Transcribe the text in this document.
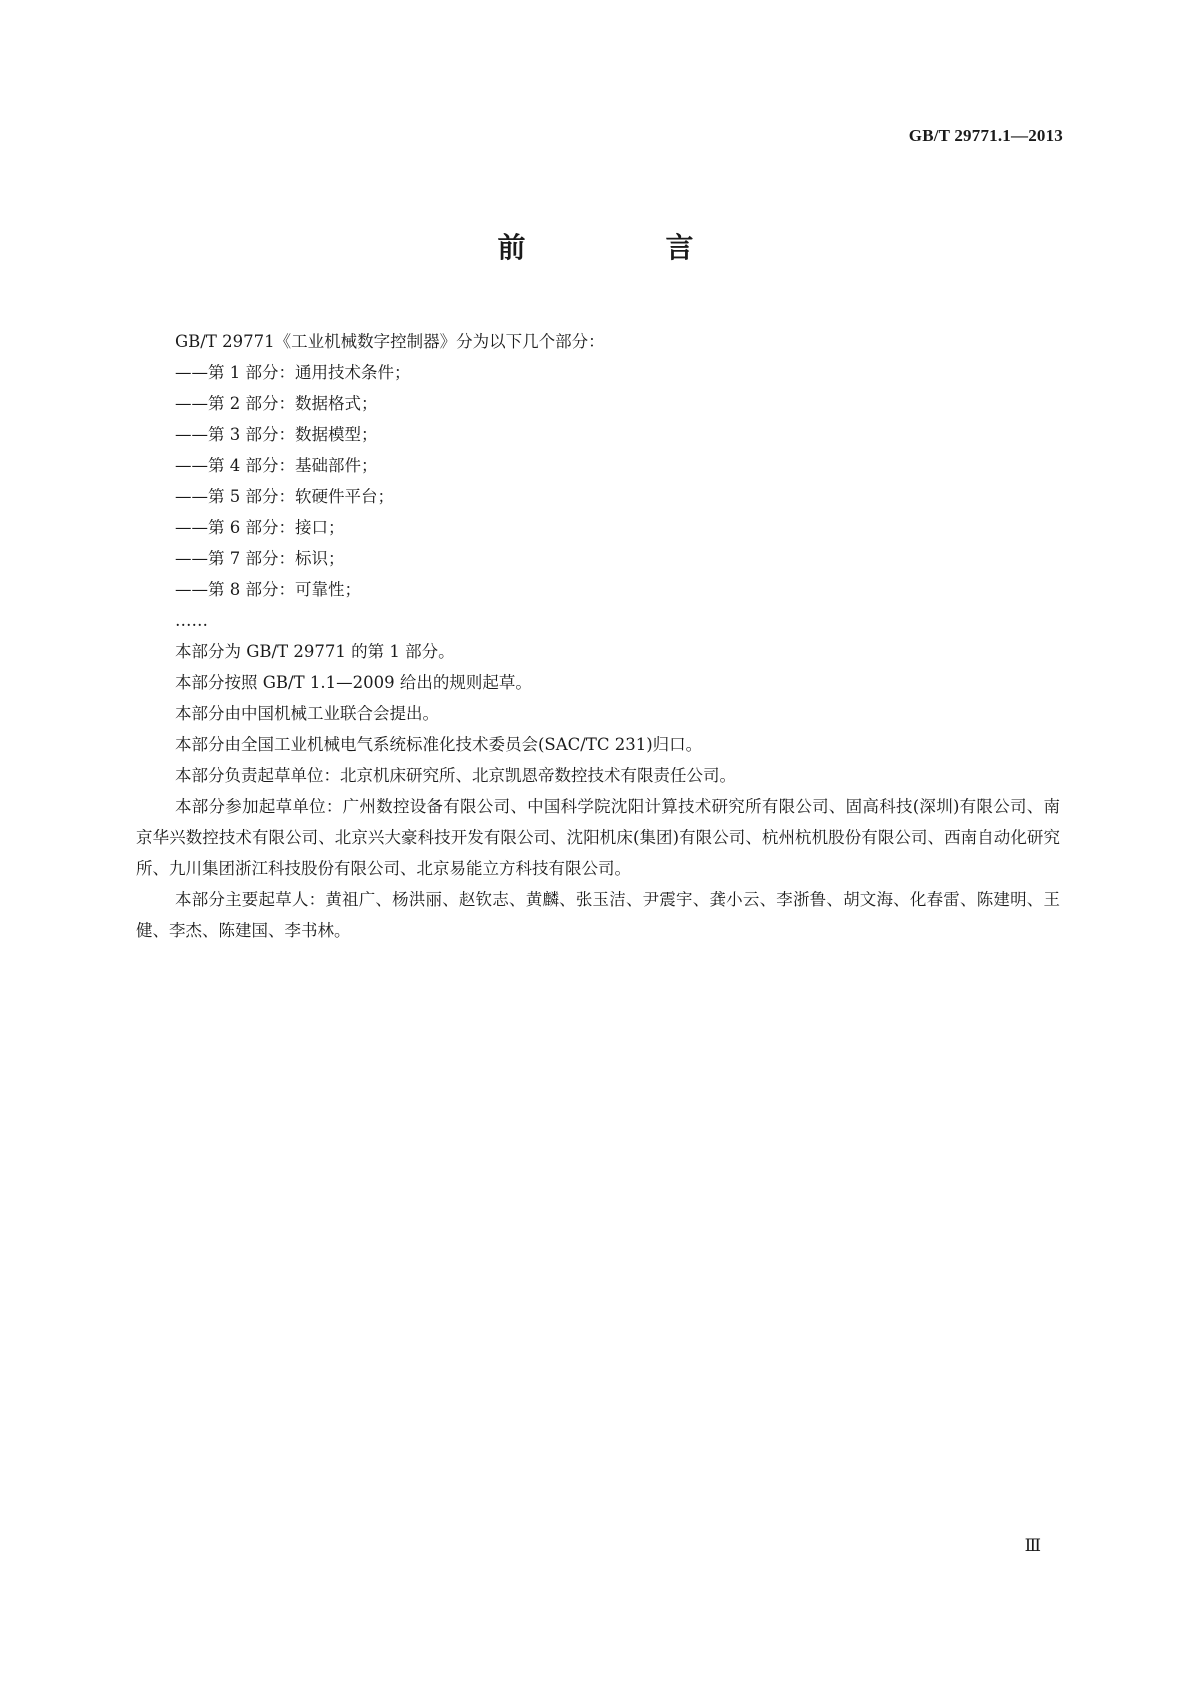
GB/T 29771.1—2013
前　言

GB/T 29771《工业机械数字控制器》分为以下几个部分：

——第 1 部分：通用技术条件；

——第 2 部分：数据格式；

——第 3 部分：数据模型；

——第 4 部分：基础部件；

——第 5 部分：软硬件平台；

——第 6 部分：接口；

——第 7 部分：标识；

——第 8 部分：可靠性；

……

本部分为 GB/T 29771 的第 1 部分。

本部分按照 GB/T 1.1—2009 给出的规则起草。

本部分由中国机械工业联合会提出。

本部分由全国工业机械电气系统标准化技术委员会(SAC/TC 231)归口。

本部分负责起草单位：北京机床研究所、北京凯恩帝数控技术有限责任公司。

本部分参加起草单位：广州数控设备有限公司、中国科学院沈阳计算技术研究所有限公司、固高科技(深圳)有限公司、南京华兴数控技术有限公司、北京兴大豪科技开发有限公司、沈阳机床(集团)有限公司、杭州杭机股份有限公司、西南自动化研究所、九川集团浙江科技股份有限公司、北京易能立方科技有限公司。

本部分主要起草人：黄祖广、杨洪丽、赵钦志、黄麟、张玉洁、尹震宇、龚小云、李浙鲁、胡文海、化春雷、陈建明、王健、李杰、陈建国、李书林。

Ⅲ
